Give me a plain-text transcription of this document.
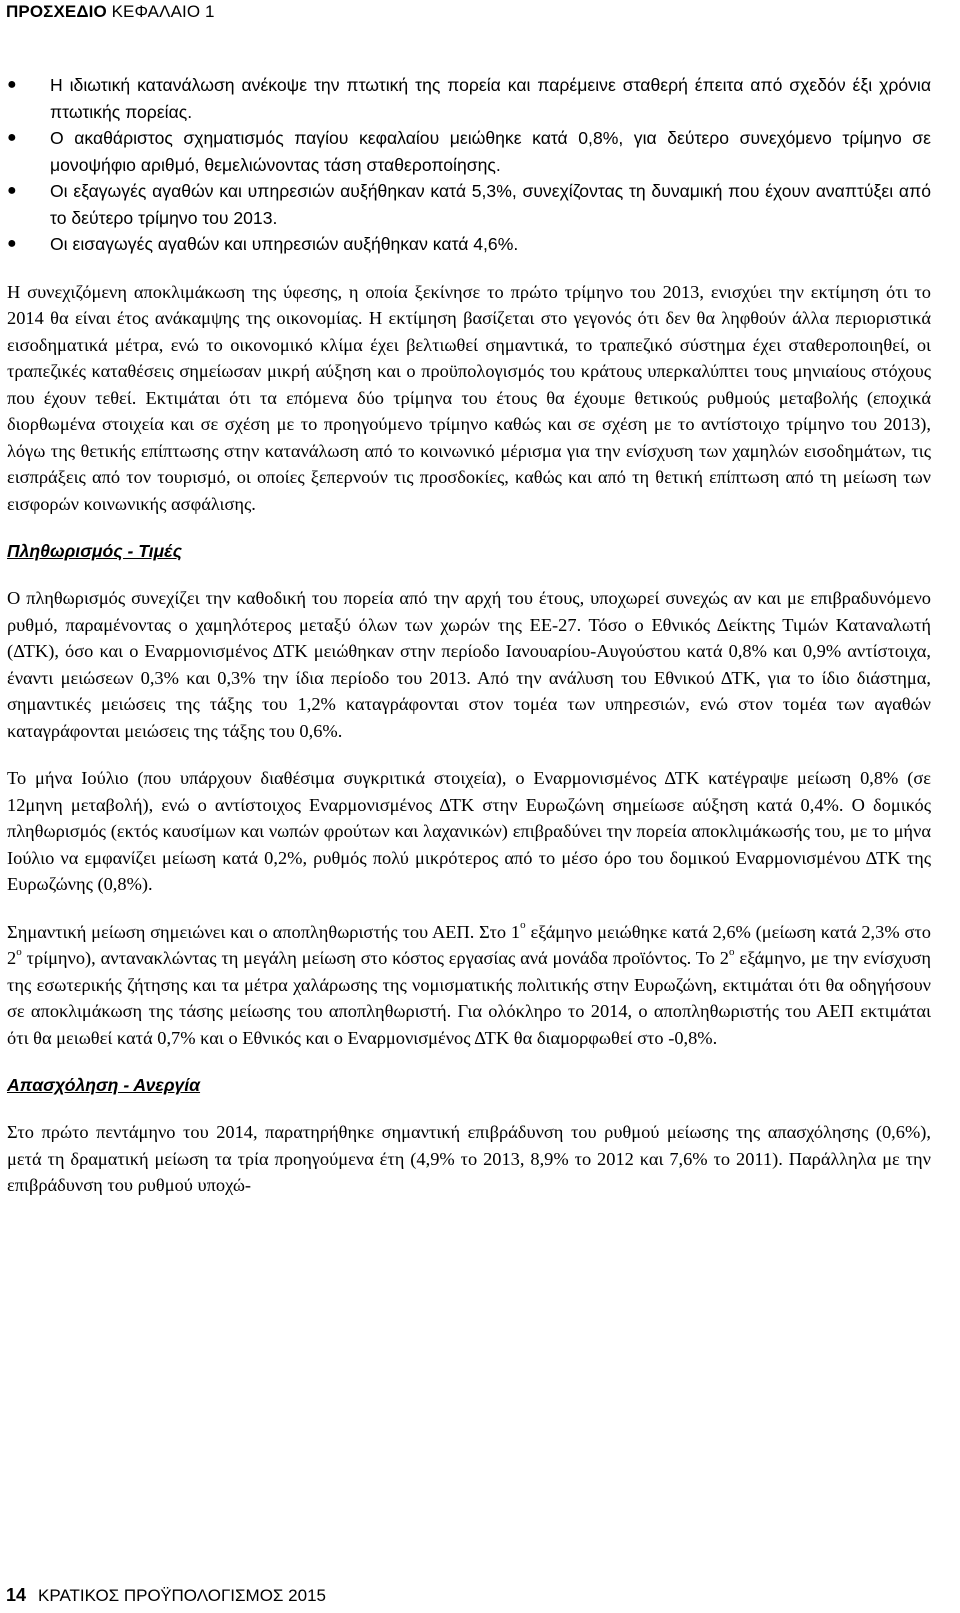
ΠΡΟΣΧΕΔΙΟ ΚΕΦΑΛΑΙΟ 1
● Η ιδιωτική κατανάλωση ανέκοψε την πτωτική της πορεία και παρέμεινε σταθερή έπειτα από σχεδόν έξι χρόνια πτωτικής πορείας.
● Ο ακαθάριστος σχηματισμός παγίου κεφαλαίου μειώθηκε κατά 0,8%, για δεύτερο συνεχόμενο τρίμηνο σε μονοψήφιο αριθμό, θεμελιώνοντας τάση σταθεροποίησης.
● Οι εξαγωγές αγαθών και υπηρεσιών αυξήθηκαν κατά 5,3%, συνεχίζοντας τη δυναμική που έχουν αναπτύξει από το δεύτερο τρίμηνο του 2013.
● Οι εισαγωγές αγαθών και υπηρεσιών αυξήθηκαν κατά 4,6%.

Η συνεχιζόμενη αποκλιμάκωση της ύφεσης, η οποία ξεκίνησε το πρώτο τρίμηνο του 2013, ενισχύει την εκτίμηση ότι το 2014 θα είναι έτος ανάκαμψης της οικονομίας. Η εκτίμηση βασίζεται στο γεγονός ότι δεν θα ληφθούν άλλα περιοριστικά εισοδηματικά μέτρα, ενώ το οικονομικό κλίμα έχει βελτιωθεί σημαντικά, το τραπεζικό σύστημα έχει σταθεροποιηθεί, οι τραπεζικές καταθέσεις σημείωσαν μικρή αύξηση και ο προϋπολογισμός του κράτους υπερκαλύπτει τους μηνιαίους στόχους που έχουν τεθεί. Εκτιμάται ότι τα επόμενα δύο τρίμηνα του έτους θα έχουμε θετικούς ρυθμούς μεταβολής (εποχικά διορθωμένα στοιχεία και σε σχέση με το προηγούμενο τρίμηνο καθώς και σε σχέση με το αντίστοιχο τρίμηνο του 2013), λόγω της θετικής επίπτωσης στην κατανάλωση από το κοινωνικό μέρισμα για την ενίσχυση των χαμηλών εισοδημάτων, τις εισπράξεις από τον τουρισμό, οι οποίες ξεπερνούν τις προσδοκίες, καθώς και από τη θετική επίπτωση από τη μείωση των εισφορών κοινωνικής ασφάλισης.

Πληθωρισμός - Τιμές

Ο πληθωρισμός συνεχίζει την καθοδική του πορεία από την αρχή του έτους, υποχωρεί συνεχώς αν και με επιβραδυνόμενο ρυθμό, παραμένοντας ο χαμηλότερος μεταξύ όλων των χωρών της ΕΕ-27. Τόσο ο Εθνικός Δείκτης Τιμών Καταναλωτή (ΔΤΚ), όσο και ο Εναρμονισμένος ΔΤΚ μειώθηκαν στην περίοδο Ιανουαρίου-Αυγούστου κατά 0,8% και 0,9% αντίστοιχα, έναντι μειώσεων 0,3% και 0,3% την ίδια περίοδο του 2013. Από την ανάλυση του Εθνικού ΔΤΚ, για το ίδιο διάστημα, σημαντικές μειώσεις της τάξης του 1,2% καταγράφονται στον τομέα των υπηρεσιών, ενώ στον τομέα των αγαθών καταγράφονται μειώσεις της τάξης του 0,6%.

Το μήνα Ιούλιο (που υπάρχουν διαθέσιμα συγκριτικά στοιχεία), ο Εναρμονισμένος ΔΤΚ κατέγραψε μείωση 0,8% (σε 12μηνη μεταβολή), ενώ ο αντίστοιχος Εναρμονισμένος ΔΤΚ στην Ευρωζώνη σημείωσε αύξηση κατά 0,4%. Ο δομικός πληθωρισμός (εκτός καυσίμων και νωπών φρούτων και λαχανικών) επιβραδύνει την πορεία αποκλιμάκωσής του, με το μήνα Ιούλιο να εμφανίζει μείωση κατά 0,2%, ρυθμός πολύ μικρότερος από το μέσο όρο του δομικού Εναρμονισμένου ΔΤΚ της Ευρωζώνης (0,8%).

Σημαντική μείωση σημειώνει και ο αποπληθωριστής του ΑΕΠ. Στο $1^o$ εξάμηνο μειώθηκε κατά 2,6% (μείωση κατά 2,3% στο $2^o$ τρίμηνο), αντανακλώντας τη μεγάλη μείωση στο κόστος εργασίας ανά μονάδα προϊόντος. Το $2^o$ εξάμηνο, με την ενίσχυση της εσωτερικής ζήτησης και τα μέτρα χαλάρωσης της νομισματικής πολιτικής στην Ευρωζώνη, εκτιμάται ότι θα οδηγήσουν σε αποκλιμάκωση της τάσης μείωσης του αποπληθωριστή. Για ολόκληρο το 2014, ο αποπληθωριστής του ΑΕΠ εκτιμάται ότι θα μειωθεί κατά 0,7% και ο Εθνικός και ο Εναρμονισμένος ΔΤΚ θα διαμορφωθεί στο -0,8%.

Απασχόληση - Ανεργία

Στο πρώτο πεντάμηνο του 2014, παρατηρήθηκε σημαντική επιβράδυνση του ρυθμού μείωσης της απασχόλησης (0,6%), μετά τη δραματική μείωση τα τρία προηγούμενα έτη (4,9% το 2013, 8,9% το 2012 και 7,6% το 2011). Παράλληλα με την επιβράδυνση του ρυθμού υποχώ-

14 ΚΡΑΤΙΚΟΣ ΠΡΟΫΠΟΛΟΓΙΣΜΟΣ 2015
